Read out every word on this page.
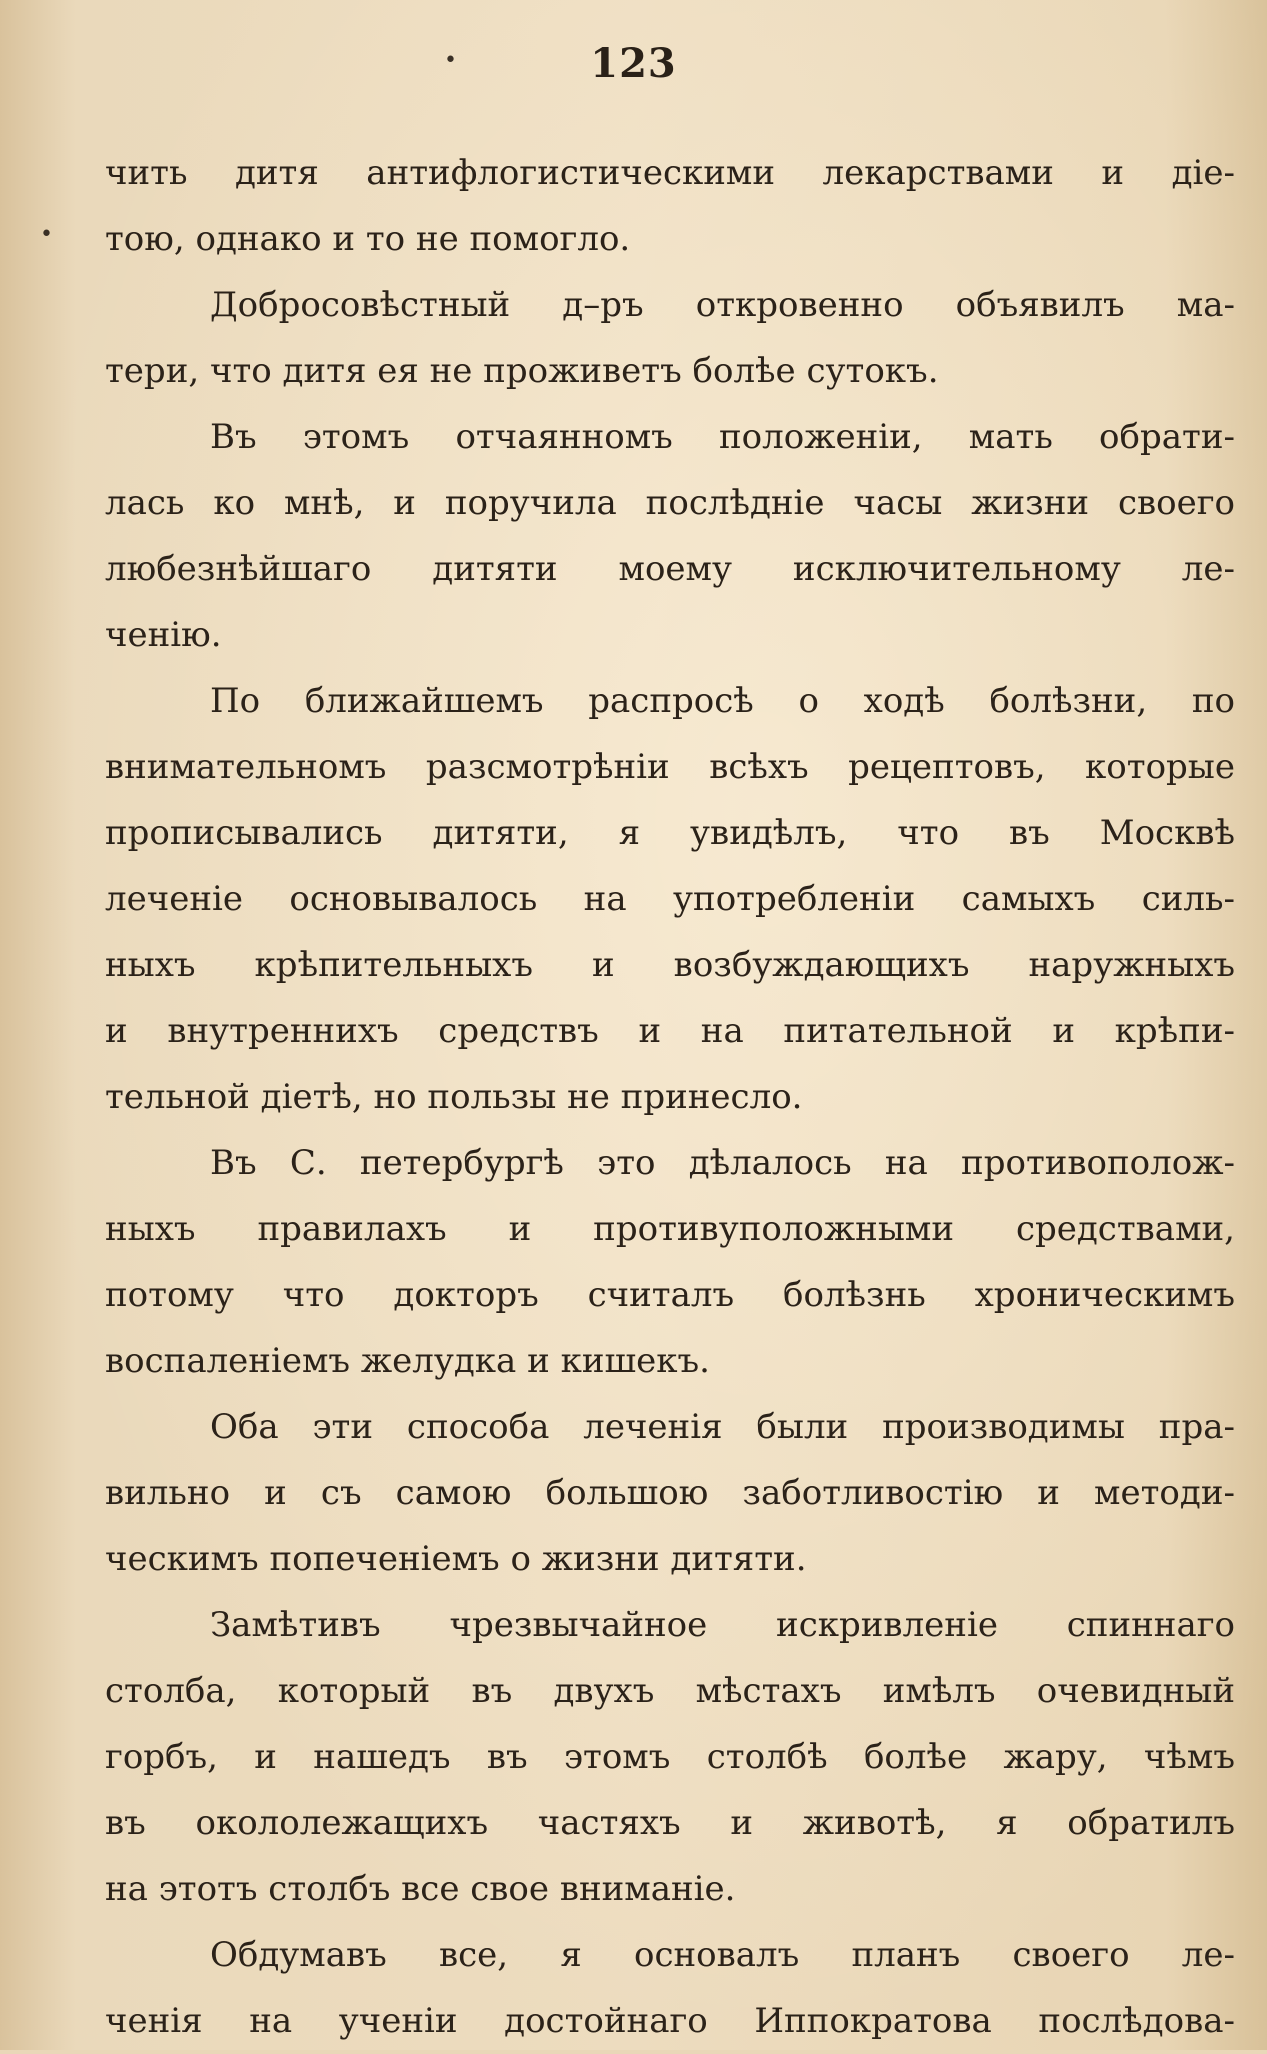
123
•
•
чить дитя антифлогистическими лекарствами и діе-
тою, однако и то не помогло.
Добросовѣстный д–ръ откровенно объявилъ ма-
тери, что дитя ея не проживетъ болѣе сутокъ.
Въ этомъ отчаянномъ положеніи, мать обрати-
лась ко мнѣ, и поручила послѣдніе часы жизни своего
любезнѣйшаго дитяти моему исключительному ле-
ченію.
По ближайшемъ распросѣ о ходѣ болѣзни, по
внимательномъ разсмотрѣніи всѣхъ рецептовъ, которые
прописывались дитяти, я увидѣлъ, что въ Москвѣ
леченіе основывалось на употребленіи самыхъ силь-
ныхъ крѣпительныхъ и возбуждающихъ наружныхъ
и внутреннихъ средствъ и на питательной и крѣпи-
тельной діетѣ, но пользы не принесло.
Въ С. петербургѣ это дѣлалось на противополож-
ныхъ правилахъ и противуположными средствами,
потому что докторъ считалъ болѣзнь хроническимъ
воспаленіемъ желудка и кишекъ.
Оба эти способа леченія были производимы пра-
вильно и съ самою большою заботливостію и методи-
ческимъ попеченіемъ о жизни дитяти.
Замѣтивъ чрезвычайное искривленіе спиннаго
столба, который въ двухъ мѣстахъ имѣлъ очевидный
горбъ, и нашедъ въ этомъ столбѣ болѣе жару, чѣмъ
въ окололежащихъ частяхъ и животѣ, я обратилъ
на этотъ столбъ все свое вниманіе.
Обдумавъ все, я основалъ планъ своего ле-
ченія на ученіи достойнаго Иппократова послѣдова-
